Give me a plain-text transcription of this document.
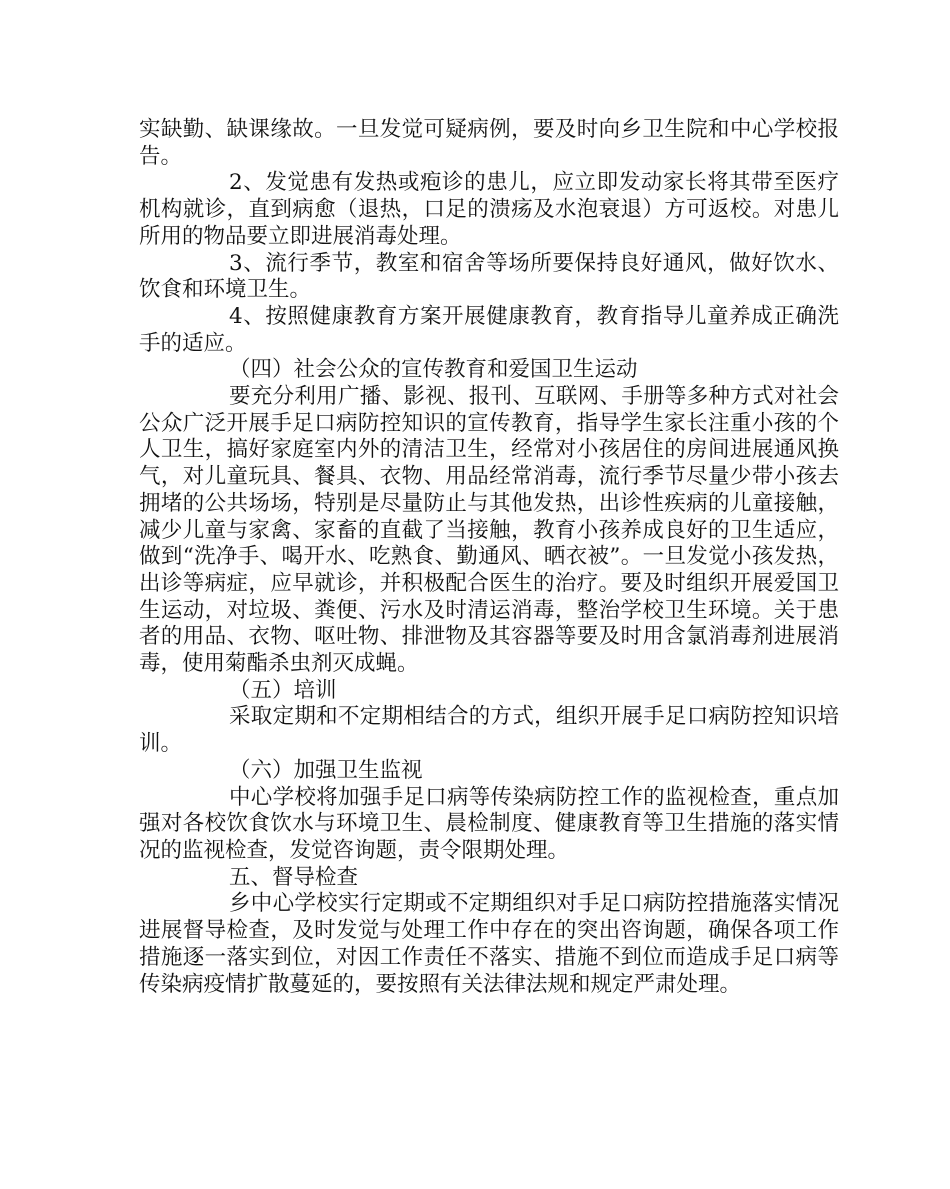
实缺勤、缺课缘故。一旦发觉可疑病例，要及时向乡卫生院和中心学校报告。

2、发觉患有发热或疱诊的患儿，应立即发动家长将其带至医疗机构就诊，直到病愈（退热，口足的溃疡及水泡衰退）方可返校。对患儿所用的物品要立即进展消毒处理。

3、流行季节，教室和宿舍等场所要保持良好通风，做好饮水、饮食和环境卫生。

4、按照健康教育方案开展健康教育，教育指导儿童养成正确洗手的适应。

（四）社会公众的宣传教育和爱国卫生运动

要充分利用广播、影视、报刊、互联网、手册等多种方式对社会公众广泛开展手足口病防控知识的宣传教育，指导学生家长注重小孩的个人卫生，搞好家庭室内外的清洁卫生，经常对小孩居住的房间进展通风换气，对儿童玩具、餐具、衣物、用品经常消毒，流行季节尽量少带小孩去拥堵的公共场场，特别是尽量防止与其他发热，出诊性疾病的儿童接触，减少儿童与家禽、家畜的直截了当接触，教育小孩养成良好的卫生适应，做到“洗净手、喝开水、吃熟食、勤通风、晒衣被”。一旦发觉小孩发热，出诊等病症，应早就诊，并积极配合医生的治疗。要及时组织开展爱国卫生运动，对垃圾、粪便、污水及时清运消毒，整治学校卫生环境。关于患者的用品、衣物、呕吐物、排泄物及其容器等要及时用含氯消毒剂进展消毒，使用菊酯杀虫剂灭成蝇。

（五）培训

采取定期和不定期相结合的方式，组织开展手足口病防控知识培训。

（六）加强卫生监视

中心学校将加强手足口病等传染病防控工作的监视检查，重点加强对各校饮食饮水与环境卫生、晨检制度、健康教育等卫生措施的落实情况的监视检查，发觉咨询题，责令限期处理。

五、督导检查

乡中心学校实行定期或不定期组织对手足口病防控措施落实情况进展督导检查，及时发觉与处理工作中存在的突出咨询题，确保各项工作措施逐一落实到位，对因工作责任不落实、措施不到位而造成手足口病等传染病疫情扩散蔓延的，要按照有关法律法规和规定严肃处理。
